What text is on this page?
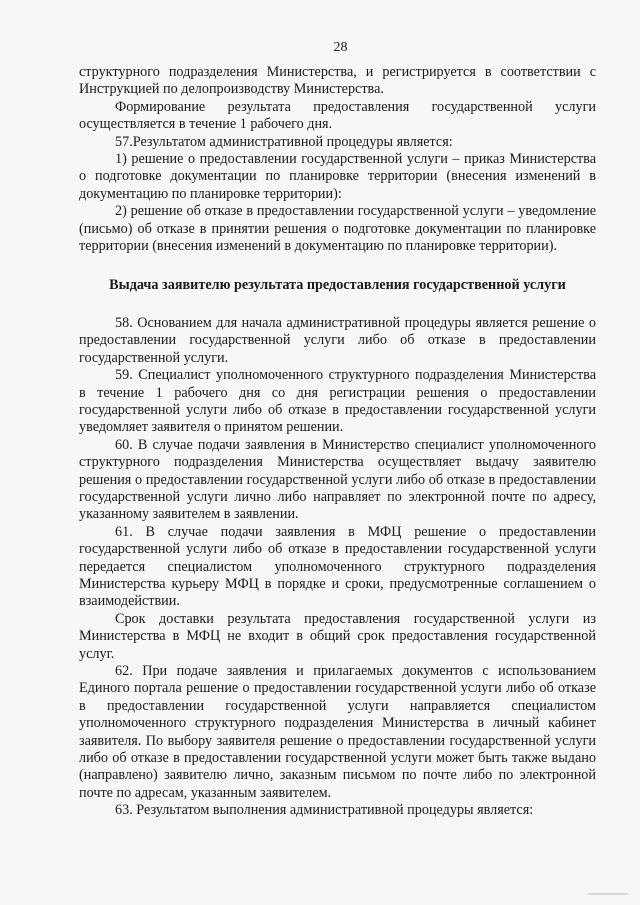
28

структурного подразделения Министерства, и регистрируется в соответствии с Инструкцией по делопроизводству Министерства.

Формирование результата предоставления государственной услуги осуществляется в течение 1 рабочего дня.

57.Результатом административной процедуры является:

1) решение о предоставлении государственной услуги – приказ Министерства о подготовке документации по планировке территории (внесения изменений в документацию по планировке территории):

2) решение об отказе в предоставлении государственной услуги – уведомление (письмо) об отказе в принятии решения о подготовке документации по планировке территории (внесения изменений в документацию по планировке территории).

Выдача заявителю результата предоставления государственной услуги

58. Основанием для начала административной процедуры является решение о предоставлении государственной услуги либо об отказе в предоставлении государственной услуги.

59. Специалист уполномоченного структурного подразделения Министерства в течение 1 рабочего дня со дня регистрации решения о предоставлении государственной услуги либо об отказе в предоставлении государственной услуги уведомляет заявителя о принятом решении.

60. В случае подачи заявления в Министерство специалист уполномоченного структурного подразделения Министерства осуществляет выдачу заявителю решения о предоставлении государственной услуги либо об отказе в предоставлении государственной услуги лично либо направляет по электронной почте по адресу, указанному заявителем в заявлении.

61. В случае подачи заявления в МФЦ решение о предоставлении государственной услуги либо об отказе в предоставлении государственной услуги передается специалистом уполномоченного структурного подразделения Министерства курьеру МФЦ в порядке и сроки, предусмотренные соглашением о взаимодействии.

Срок доставки результата предоставления государственной услуги из Министерства в МФЦ не входит в общий срок предоставления государственной услуг.

62. При подаче заявления и прилагаемых документов с использованием Единого портала решение о предоставлении государственной услуги либо об отказе в предоставлении государственной услуги направляется специалистом уполномоченного структурного подразделения Министерства в личный кабинет заявителя. По выбору заявителя решение о предоставлении государственной услуги либо об отказе в предоставлении государственной услуги может быть также выдано (направлено) заявителю лично, заказным письмом по почте либо по электронной почте по адресам, указанным заявителем.

63. Результатом выполнения административной процедуры является:
